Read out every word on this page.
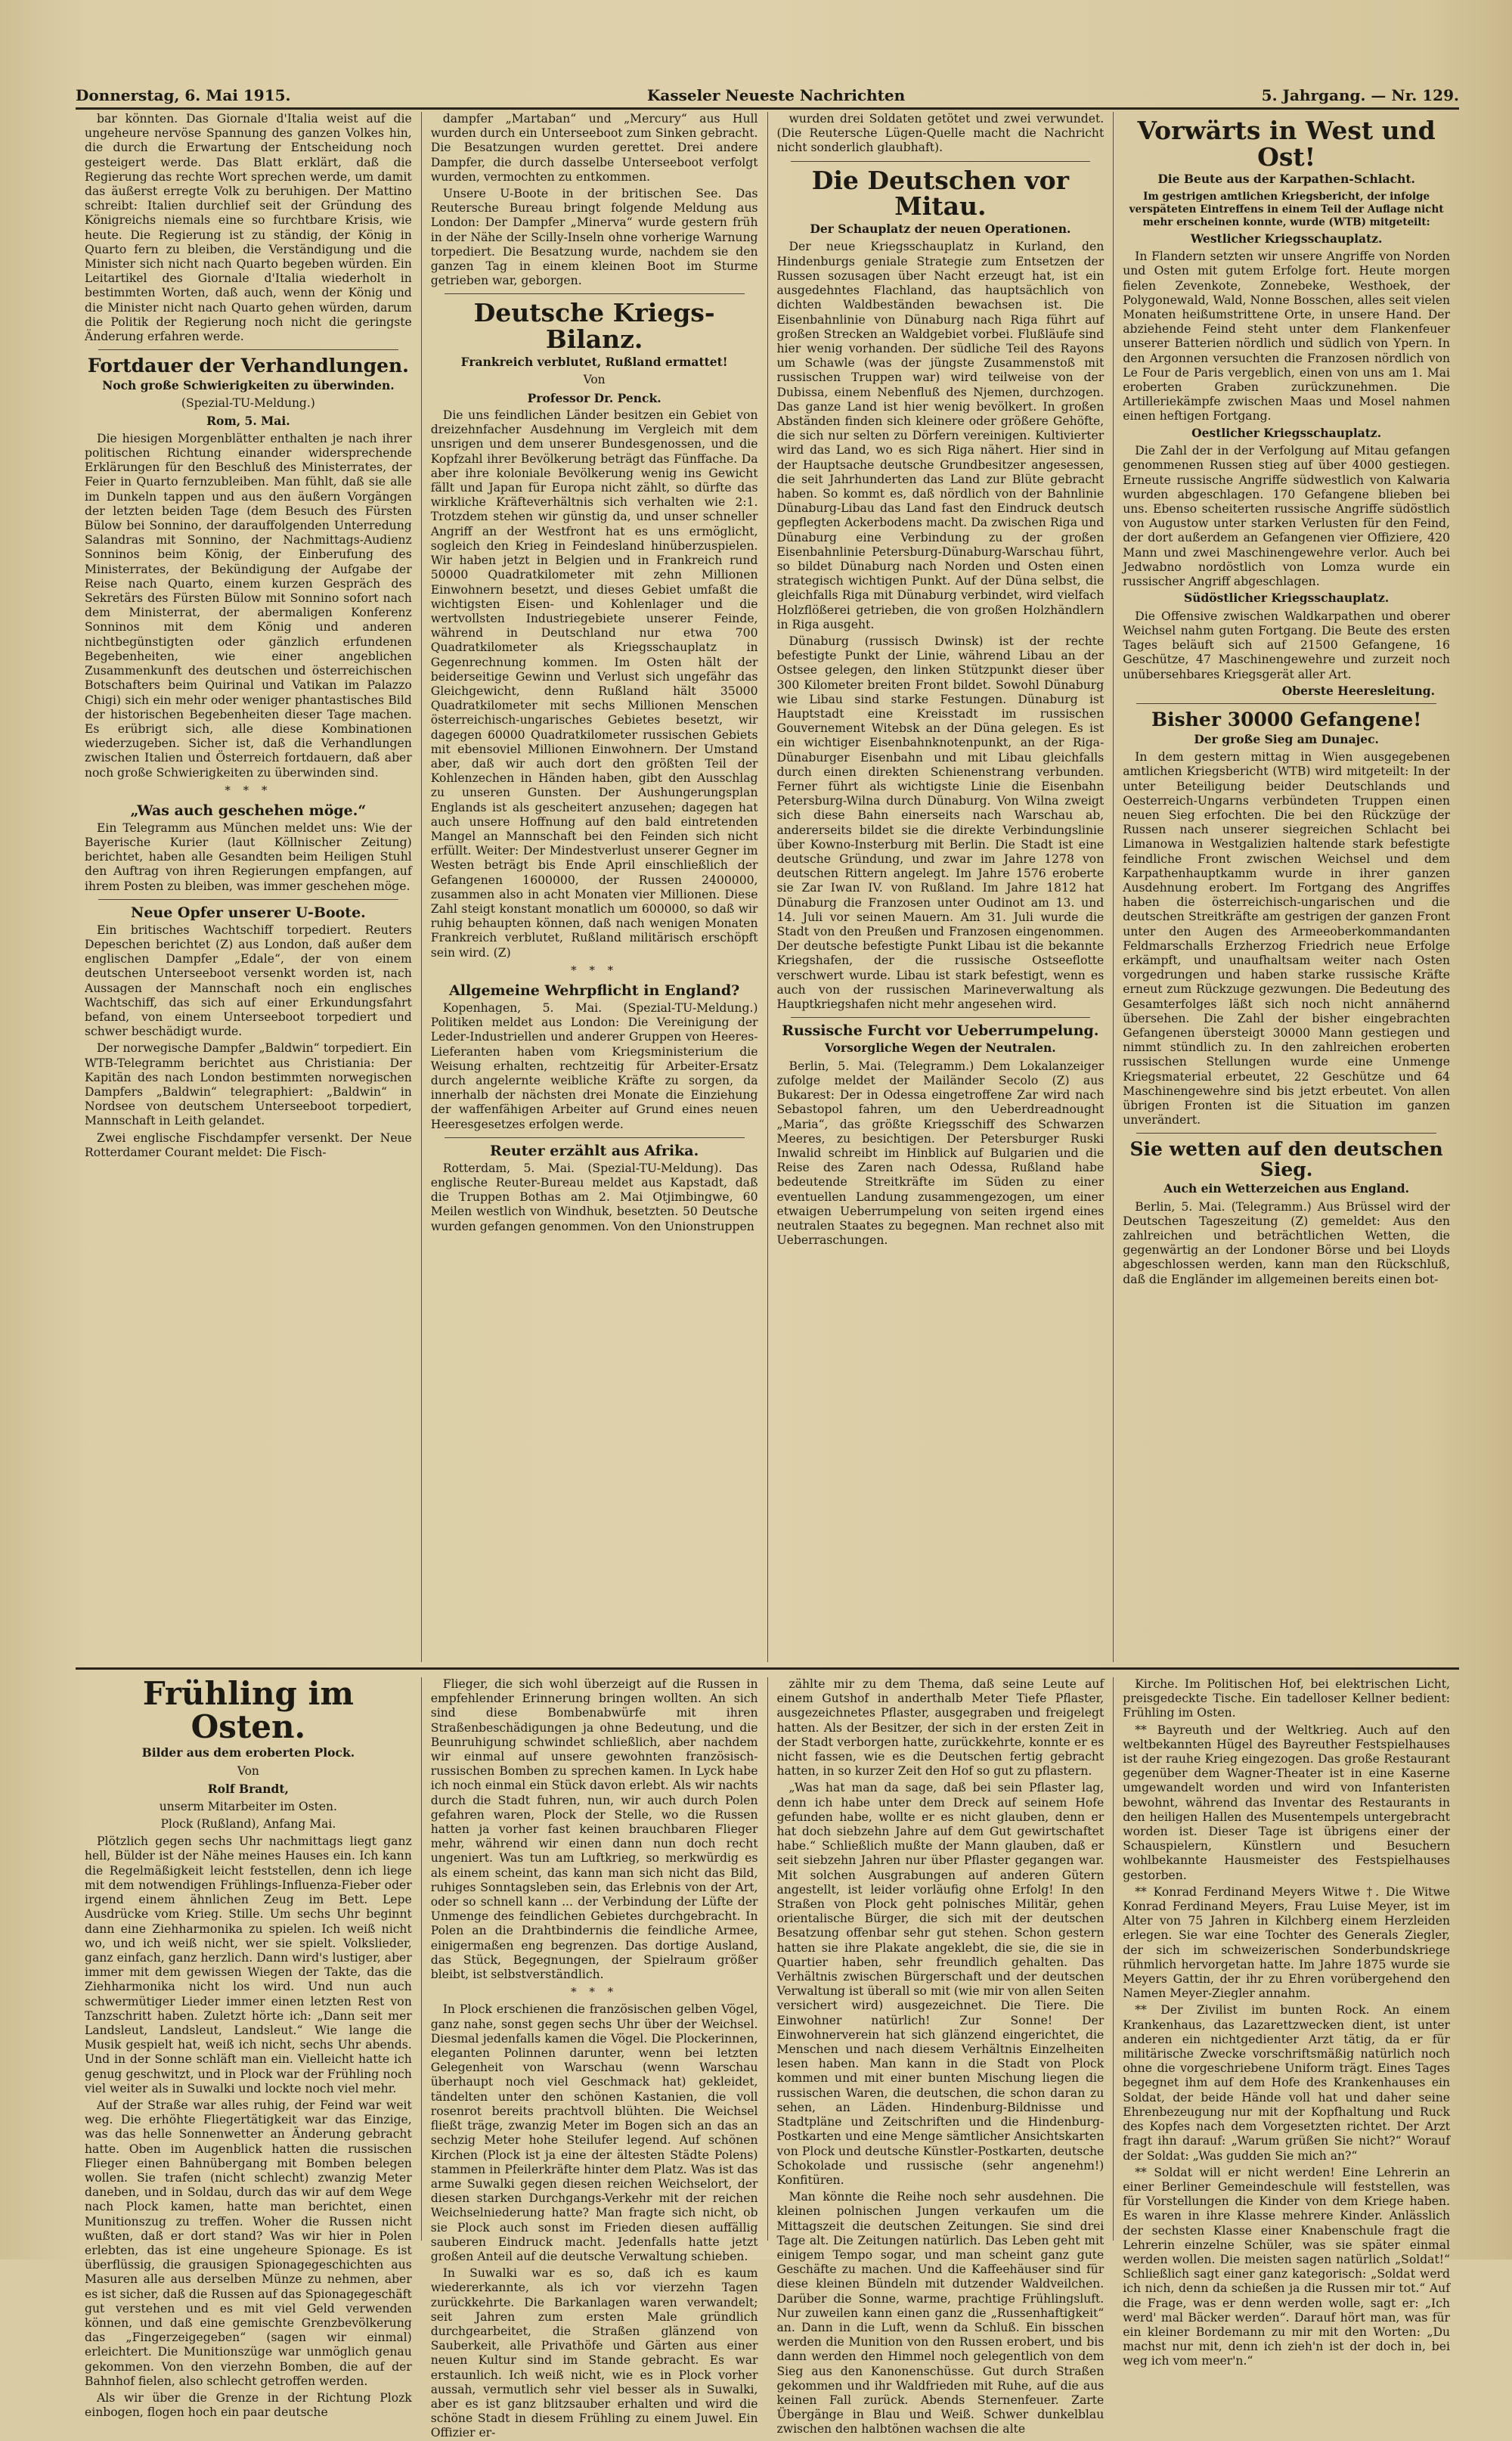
Donnerstag, 6. Mai 1915.	Kasseler Neueste Nachrichten	5. Jahrgang. — Nr. 129.

bar könnten. Das Giornale d'Italia weist auf die ungeheure nervöse Spannung des ganzen Volkes hin, die durch die Erwartung der Entscheidung noch gesteigert werde. Das Blatt erklärt, daß die Regierung das rechte Wort sprechen werde, um damit das äußerst erregte Volk zu beruhigen. Der Mattino schreibt: Italien durchlief seit der Gründung des Königreichs niemals eine so furchtbare Krisis, wie heute. Die Regierung ist zu ständig, der König in Quarto fern zu bleiben, die Verständigung und die Minister sich nicht nach Quarto begeben würden. Ein Leitartikel des Giornale d'Italia wiederholt in bestimmten Worten, daß auch, wenn der König und die Minister nicht nach Quarto gehen würden, darum die Politik der Regierung noch nicht die geringste Änderung erfahren werde.

Fortdauer der Verhandlungen.
Noch große Schwierigkeiten zu überwinden.
(Spezial-TU-Meldung.)
Rom, 5. Mai.

Die hiesigen Morgenblätter enthalten je nach ihrer politischen Richtung einander widersprechende Erklärungen für den Beschluß des Ministerrates, der Feier in Quarto fernzubleiben. Man fühlt, daß sie alle im Dunkeln tappen und aus den äußern Vorgängen der letzten beiden Tage (dem Besuch des Fürsten Bülow bei Sonnino, der darauffolgenden Unterredung Salandras mit Sonnino, der Nachmittags-Audienz Sonninos beim König, der Einberufung des Ministerrates, der Bekündigung der Aufgabe der Reise nach Quarto, einem kurzen Gespräch des Sekretärs des Fürsten Bülow mit Sonnino sofort nach dem Ministerrat, der abermaligen Konferenz Sonninos mit dem König und anderen nichtbegünstigten oder gänzlich erfundenen Begebenheiten, wie einer angeblichen Zusammenkunft des deutschen und österreichischen Botschafters beim Quirinal und Vatikan im Palazzo Chigi) sich ein mehr oder weniger phantastisches Bild der historischen Begebenheiten dieser Tage machen. Es erübrigt sich, alle diese Kombinationen wiederzugeben. Sicher ist, daß die Verhandlungen zwischen Italien und Österreich fortdauern, daß aber noch große Schwierigkeiten zu überwinden sind.

* * *
„Was auch geschehen möge.“

Ein Telegramm aus München meldet uns: Wie der Bayerische Kurier (laut Köllnischer Zeitung) berichtet, haben alle Gesandten beim Heiligen Stuhl den Auftrag von ihren Regierungen empfangen, auf ihrem Posten zu bleiben, was immer geschehen möge.

Neue Opfer unserer U-Boote.

Ein britisches Wachtschiff torpediert. Reuters Depeschen berichtet (Z) aus London, daß außer dem englischen Dampfer „Edale“, der von einem deutschen Unterseeboot versenkt worden ist, nach Aussagen der Mannschaft noch ein englisches Wachtschiff, das sich auf einer Erkundungsfahrt befand, von einem Unterseeboot torpediert und schwer beschädigt wurde.

Der norwegische Dampfer „Baldwin“ torpediert. Ein WTB-Telegramm berichtet aus Christiania: Der Kapitän des nach London bestimmten norwegischen Dampfers „Baldwin“ telegraphiert: „Baldwin“ in Nordsee von deutschem Unterseeboot torpediert, Mannschaft in Leith gelandet.

Zwei englische Fischdampfer versenkt. Der Neue Rotterdamer Courant meldet: Die Fisch-

dampfer „Martaban“ und „Mercury“ aus Hull wurden durch ein Unterseeboot zum Sinken gebracht. Die Besatzungen wurden gerettet. Drei andere Dampfer, die durch dasselbe Unterseeboot verfolgt wurden, vermochten zu entkommen.

Unsere U-Boote in der britischen See. Das Reutersche Bureau bringt folgende Meldung aus London: Der Dampfer „Minerva“ wurde gestern früh in der Nähe der Scilly-Inseln ohne vorherige Warnung torpediert. Die Besatzung wurde, nachdem sie den ganzen Tag in einem kleinen Boot im Sturme getrieben war, geborgen.

Deutsche Kriegs-Bilanz.
Frankreich verblutet, Rußland ermattet!
Von
Professor Dr. Penck.

Die uns feindlichen Länder besitzen ein Gebiet von dreizehnfacher Ausdehnung im Vergleich mit dem unsrigen und dem unserer Bundesgenossen, und die Kopfzahl ihrer Bevölkerung beträgt das Fünffache. Da aber ihre koloniale Bevölkerung wenig ins Gewicht fällt und Japan für Europa nicht zählt, so dürfte das wirkliche Kräfteverhältnis sich verhalten wie 2:1. Trotzdem stehen wir günstig da, und unser schneller Angriff an der Westfront hat es uns ermöglicht, sogleich den Krieg in Feindesland hinüberzuspielen. Wir haben jetzt in Belgien und in Frankreich rund 50000 Quadratkilometer mit zehn Millionen Einwohnern besetzt, und dieses Gebiet umfaßt die wichtigsten Eisen- und Kohlenlager und die wertvollsten Industriegebiete unserer Feinde, während in Deutschland nur etwa 700 Quadratkilometer als Kriegsschauplatz in Gegenrechnung kommen. Im Osten hält der beiderseitige Gewinn und Verlust sich ungefähr das Gleichgewicht, denn Rußland hält 35000 Quadratkilometer mit sechs Millionen Menschen österreichisch-ungarisches Gebietes besetzt, wir dagegen 60000 Quadratkilometer russischen Gebiets mit ebensoviel Millionen Einwohnern. Der Umstand aber, daß wir auch dort den größten Teil der Kohlenzechen in Händen haben, gibt den Ausschlag zu unseren Gunsten. Der Aushungerungsplan Englands ist als gescheitert anzusehen; dagegen hat auch unsere Hoffnung auf den bald eintretenden Mangel an Mannschaft bei den Feinden sich nicht erfüllt. Weiter: Der Mindestverlust unserer Gegner im Westen beträgt bis Ende April einschließlich der Gefangenen 1600000, der Russen 2400000, zusammen also in acht Monaten vier Millionen. Diese Zahl steigt konstant monatlich um 600000, so daß wir ruhig behaupten können, daß nach wenigen Monaten Frankreich verblutet, Rußland militärisch erschöpft sein wird. (Z)

* * *
Allgemeine Wehrpflicht in England?

Kopenhagen, 5. Mai. (Spezial-TU-Meldung.) Politiken meldet aus London: Die Vereinigung der Leder-Industriellen und anderer Gruppen von Heeres-Lieferanten haben vom Kriegsministerium die Weisung erhalten, rechtzeitig für Arbeiter-Ersatz durch angelernte weibliche Kräfte zu sorgen, da innerhalb der nächsten drei Monate die Einziehung der waffenfähigen Arbeiter auf Grund eines neuen Heeresgesetzes erfolgen werde.

Reuter erzählt aus Afrika.

Rotterdam, 5. Mai. (Spezial-TU-Meldung). Das englische Reuter-Bureau meldet aus Kapstadt, daß die Truppen Bothas am 2. Mai Otjimbingwe, 60 Meilen westlich von Windhuk, besetzten. 50 Deutsche wurden gefangen genommen. Von den Unionstruppen

wurden drei Soldaten getötet und zwei verwundet. (Die Reutersche Lügen-Quelle macht die Nachricht nicht sonderlich glaubhaft).

Die Deutschen vor Mitau.
Der Schauplatz der neuen Operationen.

Der neue Kriegsschauplatz in Kurland, den Hindenburgs geniale Strategie zum Entsetzen der Russen sozusagen über Nacht erzeugt hat, ist ein ausgedehntes Flachland, das hauptsächlich von dichten Waldbeständen bewachsen ist. Die Eisenbahnlinie von Dünaburg nach Riga führt auf großen Strecken an Waldgebiet vorbei. Flußläufe sind hier wenig vorhanden. Der südliche Teil des Rayons um Schawle (was der jüngste Zusammenstoß mit russischen Truppen war) wird teilweise von der Dubissa, einem Nebenfluß des Njemen, durchzogen. Das ganze Land ist hier wenig bevölkert. In großen Abständen finden sich kleinere oder größere Gehöfte, die sich nur selten zu Dörfern vereinigen. Kultivierter wird das Land, wo es sich Riga nähert. Hier sind in der Hauptsache deutsche Grundbesitzer angesessen, die seit Jahrhunderten das Land zur Blüte gebracht haben. So kommt es, daß nördlich von der Bahnlinie Dünaburg-Libau das Land fast den Eindruck deutsch gepflegten Ackerbodens macht. Da zwischen Riga und Dünaburg eine Verbindung zu der großen Eisenbahnlinie Petersburg-Dünaburg-Warschau führt, so bildet Dünaburg nach Norden und Osten einen strategisch wichtigen Punkt. Auf der Düna selbst, die gleichfalls Riga mit Dünaburg verbindet, wird vielfach Holzflößerei getrieben, die von großen Holzhändlern in Riga ausgeht.

Dünaburg (russisch Dwinsk) ist der rechte befestigte Punkt der Linie, während Libau an der Ostsee gelegen, den linken Stützpunkt dieser über 300 Kilometer breiten Front bildet. Sowohl Dünaburg wie Libau sind starke Festungen. Dünaburg ist Hauptstadt eine Kreisstadt im russischen Gouvernement Witebsk an der Düna gelegen. Es ist ein wichtiger Eisenbahnknotenpunkt, an der Riga-Dünaburger Eisenbahn und mit Libau gleichfalls durch einen direkten Schienenstrang verbunden. Ferner führt als wichtigste Linie die Eisenbahn Petersburg-Wilna durch Dünaburg. Von Wilna zweigt sich diese Bahn einerseits nach Warschau ab, andererseits bildet sie die direkte Verbindungslinie über Kowno-Insterburg mit Berlin. Die Stadt ist eine deutsche Gründung, und zwar im Jahre 1278 von deutschen Rittern angelegt. Im Jahre 1576 eroberte sie Zar Iwan IV. von Rußland. Im Jahre 1812 hat Dünaburg die Franzosen unter Oudinot am 13. und 14. Juli vor seinen Mauern. Am 31. Juli wurde die Stadt von den Preußen und Franzosen eingenommen. Der deutsche befestigte Punkt Libau ist die bekannte Kriegshafen, der die russische Ostseeflotte verschwert wurde. Libau ist stark befestigt, wenn es auch von der russischen Marineverwaltung als Hauptkriegshafen nicht mehr angesehen wird.

Russische Furcht vor Ueberrumpelung.
Vorsorgliche Wegen der Neutralen.

Berlin, 5. Mai. (Telegramm.) Dem Lokalanzeiger zufolge meldet der Mailänder Secolo (Z) aus Bukarest: Der in Odessa eingetroffene Zar wird nach Sebastopol fahren, um den Ueberdreadnought „Maria“, das größte Kriegsschiff des Schwarzen Meeres, zu besichtigen. Der Petersburger Ruski Inwalid schreibt im Hinblick auf Bulgarien und die Reise des Zaren nach Odessa, Rußland habe bedeutende Streitkräfte im Süden zu einer eventuellen Landung zusammengezogen, um einer etwaigen Ueberrumpelung von seiten irgend eines neutralen Staates zu begegnen. Man rechnet also mit Ueberraschungen.

Vorwärts in West und Ost!
Die Beute aus der Karpathen-Schlacht.
Im gestrigen amtlichen Kriegsbericht, der infolge verspäteten Eintreffens in einem Teil der Auflage nicht mehr erscheinen konnte, wurde (WTB) mitgeteilt:
Westlicher Kriegsschauplatz.

In Flandern setzten wir unsere Angriffe von Norden und Osten mit gutem Erfolge fort. Heute morgen fielen Zevenkote, Zonnebeke, Westhoek, der Polygonewald, Wald, Nonne Bosschen, alles seit vielen Monaten heißumstrittene Orte, in unsere Hand. Der abziehende Feind steht unter dem Flankenfeuer unserer Batterien nördlich und südlich von Ypern. In den Argonnen versuchten die Franzosen nördlich von Le Four de Paris vergeblich, einen von uns am 1. Mai eroberten Graben zurückzunehmen. Die Artilleriekämpfe zwischen Maas und Mosel nahmen einen heftigen Fortgang.

Oestlicher Kriegsschauplatz.

Die Zahl der in der Verfolgung auf Mitau gefangen genommenen Russen stieg auf über 4000 gestiegen. Erneute russische Angriffe südwestlich von Kalwaria wurden abgeschlagen. 170 Gefangene blieben bei uns. Ebenso scheiterten russische Angriffe südöstlich von Augustow unter starken Verlusten für den Feind, der dort außerdem an Gefangenen vier Offiziere, 420 Mann und zwei Maschinengewehre verlor. Auch bei Jedwabno nordöstlich von Lomza wurde ein russischer Angriff abgeschlagen.

Südöstlicher Kriegsschauplatz.

Die Offensive zwischen Waldkarpathen und oberer Weichsel nahm guten Fortgang. Die Beute des ersten Tages beläuft sich auf 21500 Gefangene, 16 Geschütze, 47 Maschinengewehre und zurzeit noch unübersehbares Kriegsgerät aller Art.

Oberste Heeresleitung.
Bisher 30000 Gefangene!
Der große Sieg am Dunajec.

In dem gestern mittag in Wien ausgegebenen amtlichen Kriegsbericht (WTB) wird mitgeteilt: In der unter Beteiligung beider Deutschlands und Oesterreich-Ungarns verbündeten Truppen einen neuen Sieg erfochten. Die bei den Rückzüge der Russen nach unserer siegreichen Schlacht bei Limanowa in Westgalizien haltende stark befestigte feindliche Front zwischen Weichsel und dem Karpathenhauptkamm wurde in ihrer ganzen Ausdehnung erobert. Im Fortgang des Angriffes haben die österreichisch-ungarischen und die deutschen Streitkräfte am gestrigen der ganzen Front unter den Augen des Armeeoberkommandanten Feldmarschalls Erzherzog Friedrich neue Erfolge erkämpft, und unaufhaltsam weiter nach Osten vorgedrungen und haben starke russische Kräfte erneut zum Rückzuge gezwungen. Die Bedeutung des Gesamterfolges läßt sich noch nicht annähernd übersehen. Die Zahl der bisher eingebrachten Gefangenen übersteigt 30000 Mann gestiegen und nimmt stündlich zu. In den zahlreichen eroberten russischen Stellungen wurde eine Unmenge Kriegsmaterial erbeutet, 22 Geschütze und 64 Maschinengewehre sind bis jetzt erbeutet. Von allen übrigen Fronten ist die Situation im ganzen unverändert.

Sie wetten auf den deutschen Sieg.
Auch ein Wetterzeichen aus England.

Berlin, 5. Mai. (Telegramm.) Aus Brüssel wird der Deutschen Tageszeitung (Z) gemeldet: Aus den zahlreichen und beträchtlichen Wetten, die gegenwärtig an der Londoner Börse und bei Lloyds abgeschlossen werden, kann man den Rückschluß, daß die Engländer im allgemeinen bereits einen bot-

Frühling im Osten.
Bilder aus dem eroberten Plock.
Von
Rolf Brandt,
unserm Mitarbeiter im Osten.
Plock (Rußland), Anfang Mai.

Plötzlich gegen sechs Uhr nachmittags liegt ganz hell, Bülder ist der Nähe meines Hauses ein. Ich kann die Regelmäßigkeit leicht feststellen, denn ich liege mit dem notwendigen Frühlings-Influenza-Fieber oder irgend einem ähnlichen Zeug im Bett. Lepe Ausdrücke vom Krieg. Stille. Um sechs Uhr beginnt dann eine Ziehharmonika zu spielen. Ich weiß nicht wo, und ich weiß nicht, wer sie spielt. Volkslieder, ganz einfach, ganz herzlich. Dann wird's lustiger, aber immer mit dem gewissen Wiegen der Takte, das die Ziehharmonika nicht los wird. Und nun auch schwermütiger Lieder immer einen letzten Rest von Tanzschritt haben. Zuletzt hörte ich: „Dann seit mer Landsleut, Landsleut, Landsleut.“ Wie lange die Musik gespielt hat, weiß ich nicht, sechs Uhr abends. Und in der Sonne schläft man ein. Vielleicht hatte ich genug geschwitzt, und in Plock war der Frühling noch viel weiter als in Suwalki und lockte noch viel mehr.

Auf der Straße war alles ruhig, der Feind war weit weg. Die erhöhte Fliegertätigkeit war das Einzige, was das helle Sonnenwetter an Änderung gebracht hatte. Oben im Augenblick hatten die russischen Flieger einen Bahnübergang mit Bomben belegen wollen. Sie trafen (nicht schlecht) zwanzig Meter daneben, und in Soldau, durch das wir auf dem Wege nach Plock kamen, hatte man berichtet, einen Munitionszug zu treffen. Woher die Russen nicht wußten, daß er dort stand? Was wir hier in Polen erlebten, das ist eine ungeheure Spionage. Es ist überflüssig, die grausigen Spionagegeschichten aus Masuren alle aus derselben Münze zu nehmen, aber es ist sicher, daß die Russen auf das Spionagegeschäft gut verstehen und es mit viel Geld verwenden können, und daß eine gemischte Grenzbevölkerung das „Fingerzeigegeben“ (sagen wir einmal) erleichtert. Die Munitionszüge war unmöglich genau gekommen. Von den vierzehn Bomben, die auf der Bahnhof fielen, also schlecht getroffen werden.

Als wir über die Grenze in der Richtung Plozk einbogen, flogen hoch ein paar deutsche

Flieger, die sich wohl überzeigt auf die Russen in empfehlender Erinnerung bringen wollten. An sich sind diese Bombenabwürfe mit ihren Straßenbeschädigungen ja ohne Bedeutung, und die Beunruhigung schwindet schließlich, aber nachdem wir einmal auf unsere gewohnten französisch-russischen Bomben zu sprechen kamen. In Lyck habe ich noch einmal ein Stück davon erlebt. Als wir nachts durch die Stadt fuhren, nun, wir auch durch Polen gefahren waren, Plock der Stelle, wo die Russen hatten ja vorher fast keinen brauchbaren Flieger mehr, während wir einen dann nun doch recht ungeniert. Was tun am Luftkrieg, so merkwürdig es als einem scheint, das kann man sich nicht das Bild, ruhiges Sonntagsleben sein, das Erlebnis von der Art, oder so schnell kann ... der Verbindung der Lüfte der Unmenge des feindlichen Gebietes durchgebracht. In Polen an die Drahtbindernis die feindliche Armee, einigermaßen eng begrenzen. Das dortige Ausland, das Stück, Begegnungen, der Spielraum größer bleibt, ist selbstverständlich.

* * *

In Plock erschienen die französischen gelben Vögel, ganz nahe, sonst gegen sechs Uhr über der Weichsel. Diesmal jedenfalls kamen die Vögel. Die Plockerinnen, eleganten Polinnen darunter, wenn bei letzten Gelegenheit von Warschau (wenn Warschau überhaupt noch viel Geschmack hat) gekleidet, tändelten unter den schönen Kastanien, die voll rosenrot bereits prachtvoll blühten. Die Weichsel fließt träge, zwanzig Meter im Bogen sich an das an sechzig Meter hohe Steilufer legend. Auf schönen Kirchen (Plock ist ja eine der ältesten Städte Polens) stammen in Pfeilerkräfte hinter dem Platz. Was ist das arme Suwalki gegen diesen reichen Weichselort, der diesen starken Durchgangs-Verkehr mit der reichen Weichselniederung hatte? Man fragte sich nicht, ob sie Plock auch sonst im Frieden diesen auffällig sauberen Eindruck macht. Jedenfalls hatte jetzt großen Anteil auf die deutsche Verwaltung schieben.

In Suwalki war es so, daß ich es kaum wiedererkannte, als ich vor vierzehn Tagen zurückkehrte. Die Barkanlagen waren verwandelt; seit Jahren zum ersten Male gründlich durchgearbeitet, die Straßen glänzend von Sauberkeit, alle Privathöfe und Gärten aus einer neuen Kultur sind im Stande gebracht. Es war erstaunlich. Ich weiß nicht, wie es in Plock vorher aussah, vermutlich sehr viel besser als in Suwalki, aber es ist ganz blitzsauber erhalten und wird die schöne Stadt in diesem Frühling zu einem Juwel. Ein Offizier er-

zählte mir zu dem Thema, daß seine Leute auf einem Gutshof in anderthalb Meter Tiefe Pflaster, ausgezeichnetes Pflaster, ausgegraben und freigelegt hatten. Als der Besitzer, der sich in der ersten Zeit in der Stadt verborgen hatte, zurückkehrte, konnte er es nicht fassen, wie es die Deutschen fertig gebracht hatten, in so kurzer Zeit den Hof so gut zu pflastern.

„Was hat man da sage, daß bei sein Pflaster lag, denn ich habe unter dem Dreck auf seinem Hofe gefunden habe, wollte er es nicht glauben, denn er hat doch siebzehn Jahre auf dem Gut gewirtschaftet habe.“ Schließlich mußte der Mann glauben, daß er seit siebzehn Jahren nur über Pflaster gegangen war. Mit solchen Ausgrabungen auf anderen Gütern angestellt, ist leider vorläufig ohne Erfolg! In den Straßen von Plock geht polnisches Militär, gehen orientalische Bürger, die sich mit der deutschen Besatzung offenbar sehr gut stehen. Schon gestern hatten sie ihre Plakate angeklebt, die sie, die sie in Quartier haben, sehr freundlich gehalten. Das Verhältnis zwischen Bürgerschaft und der deutschen Verwaltung ist überall so mit (wie mir von allen Seiten versichert wird) ausgezeichnet. Die Tiere. Die Einwohner natürlich! Zur Sonne! Der Einwohnerverein hat sich glänzend eingerichtet, die Menschen und nach diesem Verhältnis Einzelheiten lesen haben. Man kann in die Stadt von Plock kommen und mit einer bunten Mischung liegen die russischen Waren, die deutschen, die schon daran zu sehen, an Läden. Hindenburg-Bildnisse und Stadtpläne und Zeitschriften und die Hindenburg-Postkarten und eine Menge sämtlicher Ansichtskarten von Plock und deutsche Künstler-Postkarten, deutsche Schokolade und russische (sehr angenehm!) Konfitüren.

Man könnte die Reihe noch sehr ausdehnen. Die kleinen polnischen Jungen verkaufen um die Mittagszeit die deutschen Zeitungen. Sie sind drei Tage alt. Die Zeitungen natürlich. Das Leben geht mit einigem Tempo sogar, und man scheint ganz gute Geschäfte zu machen. Und die Kaffeehäuser sind für diese kleinen Bündeln mit dutzender Waldveilchen. Darüber die Sonne, warme, prachtige Frühlingsluft. Nur zuweilen kann einen ganz die „Russenhaftigkeit“ an. Dann in die Luft, wenn da Schluß. Ein bisschen werden die Munition von den Russen erobert, und bis dann werden den Himmel noch gelegentlich von dem Sieg aus den Kanonenschüsse. Gut durch Straßen gekommen und ihr Waldfrieden mit Ruhe, auf die aus keinen Fall zurück. Abends Sternenfeuer. Zarte Übergänge in Blau und Weiß. Schwer dunkelblau zwischen den halbtönen wachsen die alte

Kirche. Im Politischen Hof, bei elektrischen Licht, preisgedeckte Tische. Ein tadelloser Kellner bedient: Frühling im Osten.

** Bayreuth und der Weltkrieg. Auch auf den weltbekannten Hügel des Bayreuther Festspielhauses ist der rauhe Krieg eingezogen. Das große Restaurant gegenüber dem Wagner-Theater ist in eine Kaserne umgewandelt worden und wird von Infanteristen bewohnt, während das Inventar des Restaurants in den heiligen Hallen des Musentempels untergebracht worden ist. Dieser Tage ist übrigens einer der Schauspielern, Künstlern und Besuchern wohlbekannte Hausmeister des Festspielhauses gestorben.

** Konrad Ferdinand Meyers Witwe †. Die Witwe Konrad Ferdinand Meyers, Frau Luise Meyer, ist im Alter von 75 Jahren in Kilchberg einem Herzleiden erlegen. Sie war eine Tochter des Generals Ziegler, der sich im schweizerischen Sonderbundskriege rühmlich hervorgetan hatte. Im Jahre 1875 wurde sie Meyers Gattin, der ihr zu Ehren vorübergehend den Namen Meyer-Ziegler annahm.

** Der Zivilist im bunten Rock. An einem Krankenhaus, das Lazarettzwecken dient, ist unter anderen ein nichtgedienter Arzt tätig, da er für militärische Zwecke vorschriftsmäßig natürlich noch ohne die vorgeschriebene Uniform trägt. Eines Tages begegnet ihm auf dem Hofe des Krankenhauses ein Soldat, der beide Hände voll hat und daher seine Ehrenbezeugung nur mit der Kopfhaltung und Ruck des Kopfes nach dem Vorgesetzten richtet. Der Arzt fragt ihn darauf: „Warum grüßen Sie nicht?“ Worauf der Soldat: „Was gudden Sie mich an?“

** Soldat will er nicht werden! Eine Lehrerin an einer Berliner Gemeindeschule will feststellen, was für Vorstellungen die Kinder von dem Kriege haben. Es waren in ihre Klasse mehrere Kinder. Anlässlich der sechsten Klasse einer Knabenschule fragt die Lehrerin einzelne Schüler, was sie später einmal werden wollen. Die meisten sagen natürlich „Soldat!“ Schließlich sagt einer ganz kategorisch: „Soldat werd ich nich, denn da schießen ja die Russen mir tot.“ Auf die Frage, was er denn werden wolle, sagt er: „Ich werd' mal Bäcker werden“. Darauf hört man, was für ein kleiner Bordemann zu mir mit den Worten: „Du machst nur mit, denn ich zieh'n ist der doch in, bei weg ich vom meer'n.“
